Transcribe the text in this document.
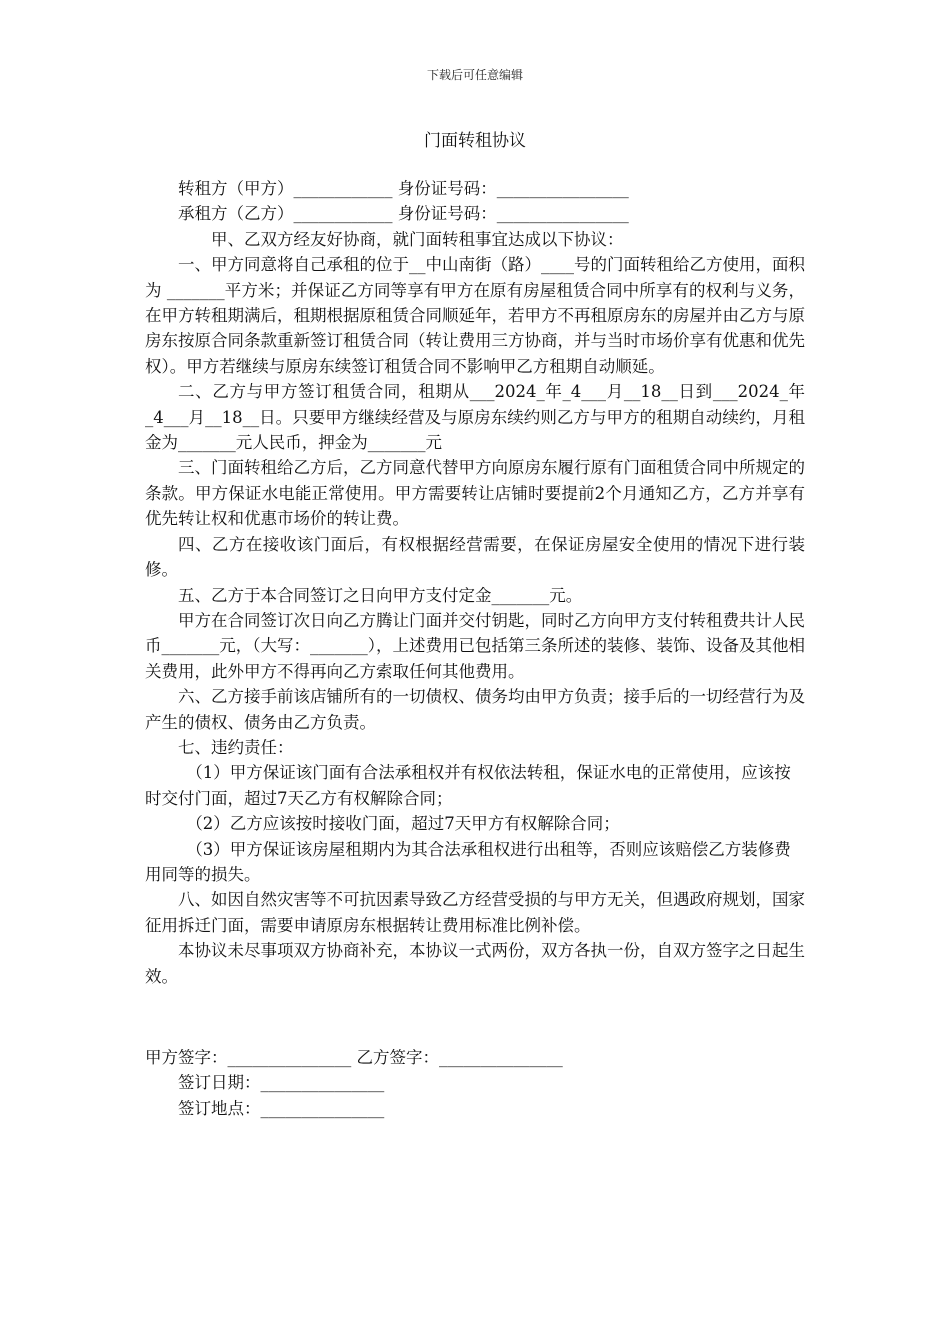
下载后可任意编辑
门面转租协议
转租方（甲方）____________ 身份证号码：________________
承租方（乙方）____________ 身份证号码：________________
甲、乙双方经友好协商，就门面转租事宜达成以下协议：

一、甲方同意将自己承租的位于__中山南街（路）____号的门面转租给乙方使用，面积为 _______平方米；并保证乙方同等享有甲方在原有房屋租赁合同中所享有的权利与义务，在甲方转租期满后，租期根据原租赁合同顺延年，若甲方不再租原房东的房屋并由乙方与原房东按原合同条款重新签订租赁合同（转让费用三方协商，并与当时市场价享有优惠和优先权）。甲方若继续与原房东续签订租赁合同不影响甲乙方租期自动顺延。

二、乙方与甲方签订租赁合同，租期从___2024_年_4___月__18__日到___2024_年_4___月__18__日。只要甲方继续经营及与原房东续约则乙方与甲方的租期自动续约，月租金为_______元人民币，押金为_______元

三、门面转租给乙方后，乙方同意代替甲方向原房东履行原有门面租赁合同中所规定的条款。甲方保证水电能正常使用。甲方需要转让店铺时要提前2个月通知乙方，乙方并享有优先转让权和优惠市场价的转让费。

四、乙方在接收该门面后，有权根据经营需要，在保证房屋安全使用的情况下进行装修。

五、乙方于本合同签订之日向甲方支付定金_______元。

甲方在合同签订次日向乙方腾让门面并交付钥匙，同时乙方向甲方支付转租费共计人民币_______元，（大写：_______），上述费用已包括第三条所述的装修、装饰、设备及其他相关费用，此外甲方不得再向乙方索取任何其他费用。

六、乙方接手前该店铺所有的一切债权、债务均由甲方负责；接手后的一切经营行为及产生的债权、债务由乙方负责。

七、违约责任：

（1）甲方保证该门面有合法承租权并有权依法转租，保证水电的正常使用，应该按时交付门面，超过7天乙方有权解除合同；

（2）乙方应该按时接收门面，超过7天甲方有权解除合同；

（3）甲方保证该房屋租期内为其合法承租权进行出租等，否则应该赔偿乙方装修费用同等的损失。

八、如因自然灾害等不可抗因素导致乙方经营受损的与甲方无关，但遇政府规划，国家征用拆迁门面，需要申请原房东根据转让费用标准比例补偿。

本协议未尽事项双方协商补充，本协议一式两份，双方各执一份，自双方签字之日起生效。

甲方签字：_______________ 乙方签字：_______________
签订日期：_______________
签订地点：_______________
